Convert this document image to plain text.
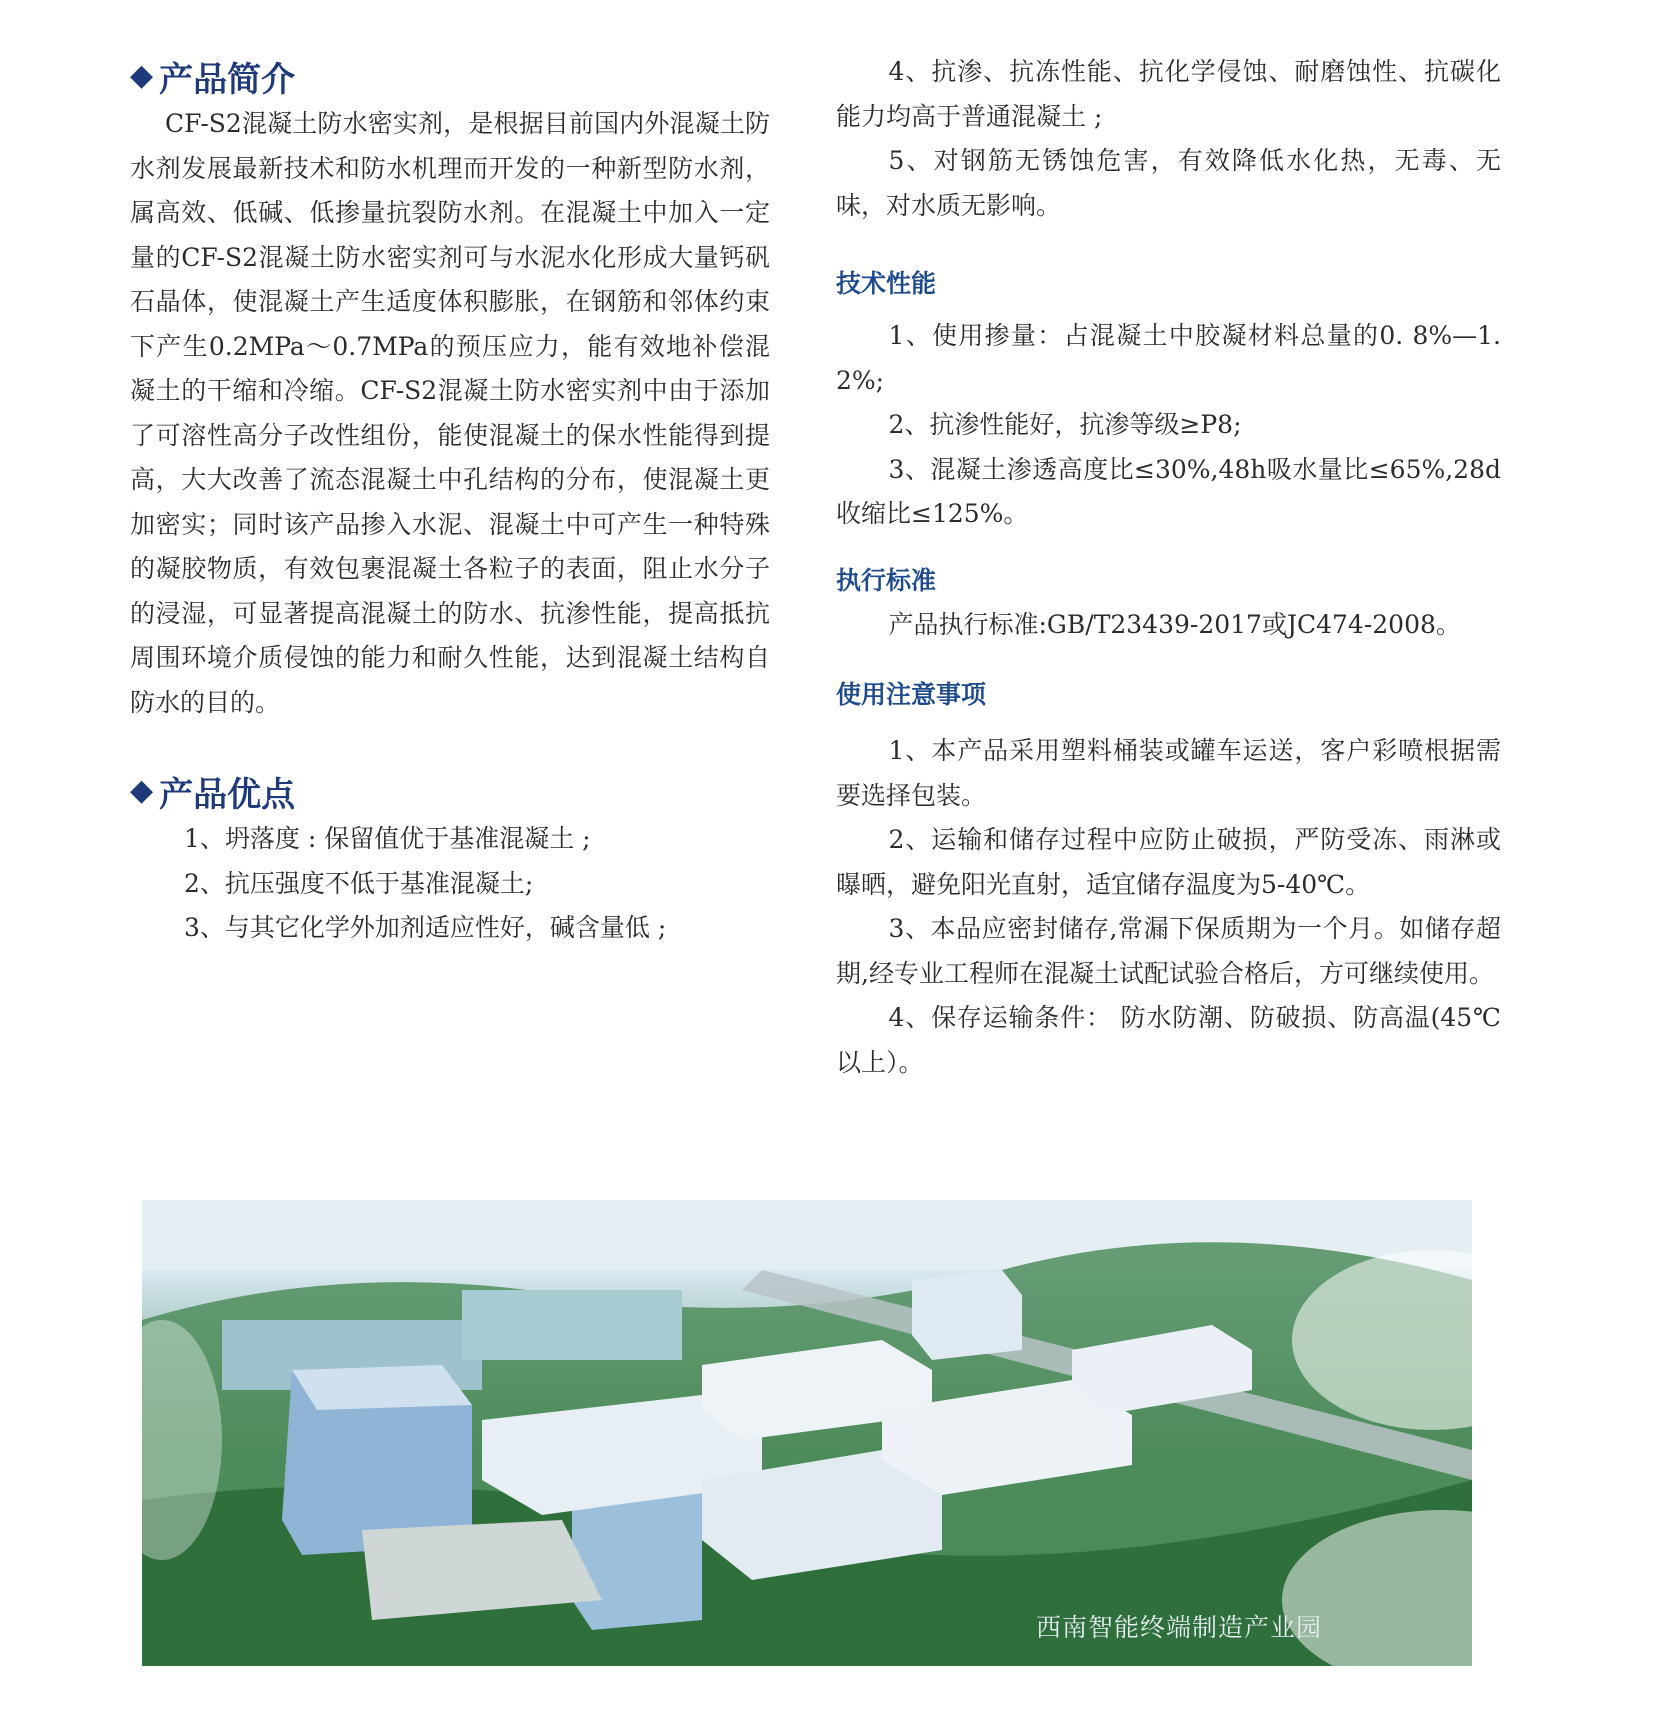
◆ 产品简介

CF-S2混凝土防水密实剂，是根据目前国内外混凝土防水剂发展最新技术和防水机理而开发的一种新型防水剂，属高效、低碱、低掺量抗裂防水剂。在混凝土中加入一定量的CF-S2混凝土防水密实剂可与水泥水化形成大量钙矾石晶体，使混凝土产生适度体积膨胀，在钢筋和邻体约束下产生0.2MPa～0.7MPa的预压应力，能有效地补偿混凝土的干缩和冷缩。CF-S2混凝土防水密实剂中由于添加了可溶性高分子改性组份，能使混凝土的保水性能得到提高，大大改善了流态混凝土中孔结构的分布，使混凝土更加密实；同时该产品掺入水泥、混凝土中可产生一种特殊的凝胶物质，有效包裹混凝土各粒子的表面，阻止水分子的浸湿，可显著提高混凝土的防水、抗渗性能，提高抵抗周围环境介质侵蚀的能力和耐久性能，达到混凝土结构自防水的目的。

◆ 产品优点

1、坍落度 : 保留值优于基准混凝土 ;

2、抗压强度不低于基准混凝土;

3、与其它化学外加剂适应性好，碱含量低 ;

4、抗渗、抗冻性能、抗化学侵蚀、耐磨蚀性、抗碳化能力均高于普通混凝土 ;

5、对钢筋无锈蚀危害，有效降低水化热，无毒、无味，对水质无影响。

技术性能

1、使用掺量：占混凝土中胶凝材料总量的0. 8%—1. 2%;

2、抗渗性能好，抗渗等级≥P8;

3、混凝土渗透高度比≤30%,48h吸水量比≤65%,28d收缩比≤125%。

执行标准

产品执行标准:GB/T23439-2017或JC474-2008。

使用注意事项

1、本产品采用塑料桶装或罐车运送，客户彩喷根据需要选择包装。

2、运输和储存过程中应防止破损，严防受冻、雨淋或曝晒，避免阳光直射，适宜储存温度为5-40℃。

3、本品应密封储存,常漏下保质期为一个月。如储存超期,经专业工程师在混凝土试配试验合格后，方可继续使用。

4、保存运输条件： 防水防潮、防破损、防高温(45℃以上）。

西南智能终端制造产业园
